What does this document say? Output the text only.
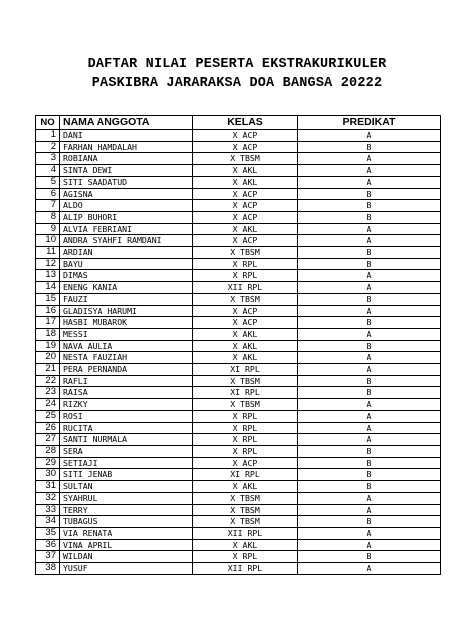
DAFTAR NILAI PESERTA EKSTRAKURIKULER
PASKIBRA JARARAKSA DOA BANGSA 20222
NO	NAMA ANGGOTA	KELAS	PREDIKAT
1	DANI	X ACP	A
2	FARHAN HAMDALAH	X ACP	B
3	ROBIANA	X TBSM	A
4	SINTA DEWI	X AKL	A
5	SITI SAADATUD	X AKL	A
6	AGISNA	X ACP	B
7	ALDO	X ACP	B
8	ALIP BUHORI	X ACP	B
9	ALVIA FEBRIANI	X AKL	A
10	ANDRA SYAHFI RAMDANI	X ACP	A
11	ARDIAN	X TBSM	B
12	BAYU	X RPL	B
13	DIMAS	X RPL	A
14	ENENG KANIA	XII RPL	A
15	FAUZI	X TBSM	B
16	GLADISYA HARUMI	X ACP	A
17	HASBI MUBAROK	X ACP	B
18	MESSI	X AKL	A
19	NAVA AULIA	X AKL	B
20	NESTA FAUZIAH	X AKL	A
21	PERA PERNANDA	XI RPL	A
22	RAFLI	X TBSM	B
23	RAISA	XI RPL	B
24	RIZKY	X TBSM	A
25	ROSI	X RPL	A
26	RUCITA	X RPL	A
27	SANTI NURMALA	X RPL	A
28	SERA	X RPL	B
29	SETIAJI	X ACP	B
30	SITI JENAB	XI RPL	B
31	SULTAN	X AKL	B
32	SYAHRUL	X TBSM	A
33	TERRY	X TBSM	A
34	TUBAGUS	X TBSM	B
35	VIA RENATA	XII RPL	A
36	VINA APRIL	X AKL	A
37	WILDAN	X RPL	B
38	YUSUF	XII RPL	A
